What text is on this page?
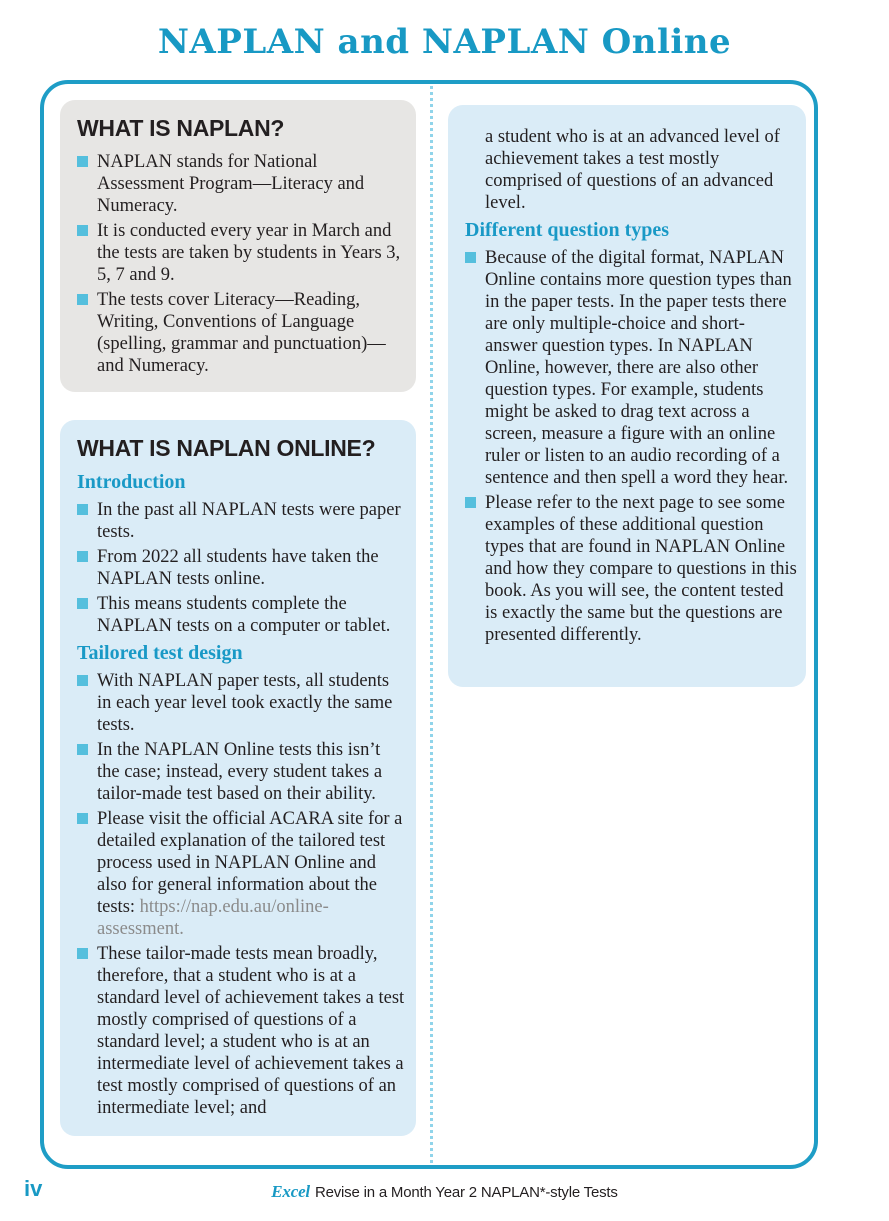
NAPLAN and NAPLAN Online
WHAT IS NAPLAN?
NAPLAN stands for National Assessment Program—Literacy and Numeracy.
It is conducted every year in March and the tests are taken by students in Years 3, 5, 7 and 9.
The tests cover Literacy—Reading, Writing, Conventions of Language (spelling, grammar and punctuation)—and Numeracy.
WHAT IS NAPLAN ONLINE?
Introduction
In the past all NAPLAN tests were paper tests.
From 2022 all students have taken the NAPLAN tests online.
This means students complete the NAPLAN tests on a computer or tablet.
Tailored test design
With NAPLAN paper tests, all students in each year level took exactly the same tests.
In the NAPLAN Online tests this isn’t the case; instead, every student takes a tailor-made test based on their ability.
Please visit the official ACARA site for a detailed explanation of the tailored test process used in NAPLAN Online and also for general information about the tests: https://nap.edu.au/online-assessment.
These tailor-made tests mean broadly, therefore, that a student who is at a standard level of achievement takes a test mostly comprised of questions of a standard level; a student who is at an intermediate level of achievement takes a test mostly comprised of questions of an intermediate level; and
a student who is at an advanced level of achievement takes a test mostly comprised of questions of an advanced level.
Different question types
Because of the digital format, NAPLAN Online contains more question types than in the paper tests. In the paper tests there are only multiple-choice and short-answer question types. In NAPLAN Online, however, there are also other question types. For example, students might be asked to drag text across a screen, measure a figure with an online ruler or listen to an audio recording of a sentence and then spell a word they hear.
Please refer to the next page to see some examples of these additional question types that are found in NAPLAN Online and how they compare to questions in this book. As you will see, the content tested is exactly the same but the questions are presented differently.
iv	Excel Revise in a Month Year 2 NAPLAN*-style Tests
